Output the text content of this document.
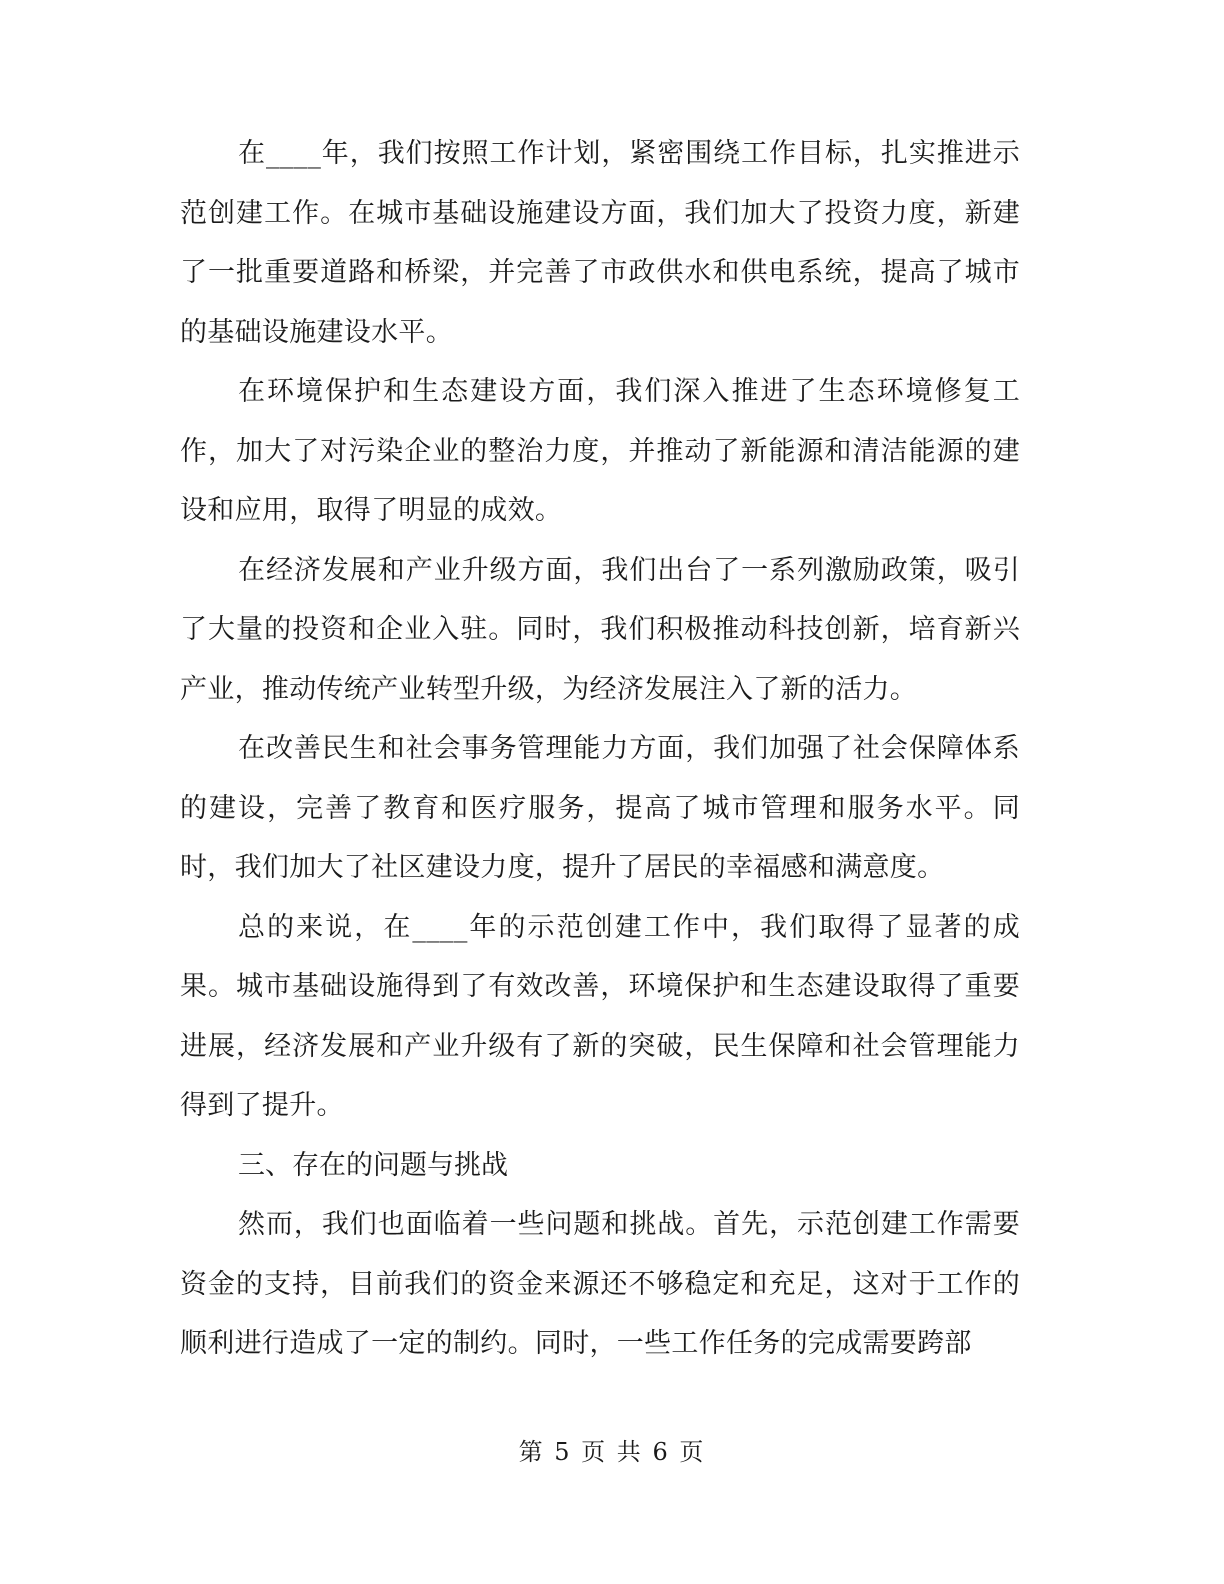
在____年，我们按照工作计划，紧密围绕工作目标，扎实推进示范创建工作。在城市基础设施建设方面，我们加大了投资力度，新建了一批重要道路和桥梁，并完善了市政供水和供电系统，提高了城市的基础设施建设水平。

在环境保护和生态建设方面，我们深入推进了生态环境修复工作，加大了对污染企业的整治力度，并推动了新能源和清洁能源的建设和应用，取得了明显的成效。

在经济发展和产业升级方面，我们出台了一系列激励政策，吸引了大量的投资和企业入驻。同时，我们积极推动科技创新，培育新兴产业，推动传统产业转型升级，为经济发展注入了新的活力。

在改善民生和社会事务管理能力方面，我们加强了社会保障体系的建设，完善了教育和医疗服务，提高了城市管理和服务水平。同时，我们加大了社区建设力度，提升了居民的幸福感和满意度。

总的来说，在____年的示范创建工作中，我们取得了显著的成果。城市基础设施得到了有效改善，环境保护和生态建设取得了重要进展，经济发展和产业升级有了新的突破，民生保障和社会管理能力得到了提升。

三、存在的问题与挑战

然而，我们也面临着一些问题和挑战。首先，示范创建工作需要资金的支持，目前我们的资金来源还不够稳定和充足，这对于工作的顺利进行造成了一定的制约。同时，一些工作任务的完成需要跨部

第 5 页 共 6 页
